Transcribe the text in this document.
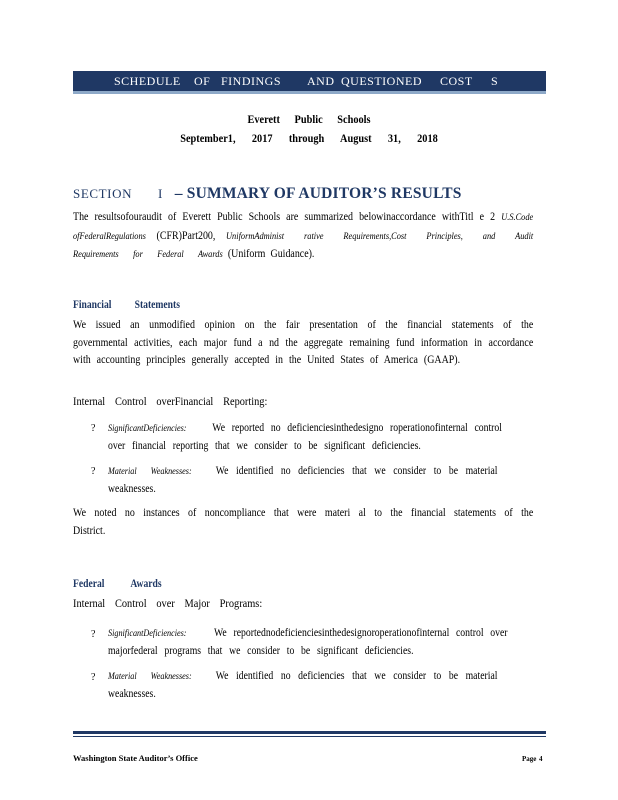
SCHEDULE OF FINDINGS AND QUESTIONED COST S
Everett Public Schools
September1, 2017 through August 31, 2018
SECTION I – SUMMARY OF AUDITOR’S RESULTS
The resultsofouraudit of Everett Public Schools are summarized belowinaccordance withTitl e 2 U.S.Code ofFederalRegulations (CFR)Part200, UniformAdminist rative Requirements,Cost Principles, and Audit Requirements for Federal Awards (Uniform Guidance).
Financial Statements
We issued an unmodified opinion on the fair presentation of the financial statements of the governmental activities, each major fund a nd the aggregate remaining fund information in accordance with accounting principles generally accepted in the United States of America (GAAP).
Internal Control overFinancial Reporting:
? SignificantDeficiencies: We reported no deficienciesinthedesigno roperationofinternal control over financial reporting that we consider to be significant deficiencies.
? Material Weaknesses: We identified no deficiencies that we consider to be material weaknesses.
We noted no instances of noncompliance that were materi al to the financial statements of the District.
Federal Awards
Internal Control over Major Programs:
? SignificantDeficiencies: We reportednodeficienciesinthedesignoroperationofinternal control over majorfederal programs that we consider to be significant deficiencies.
? Material Weaknesses: We identified no deficiencies that we consider to be material weaknesses.
Washington State Auditor’s Office	Page 4
